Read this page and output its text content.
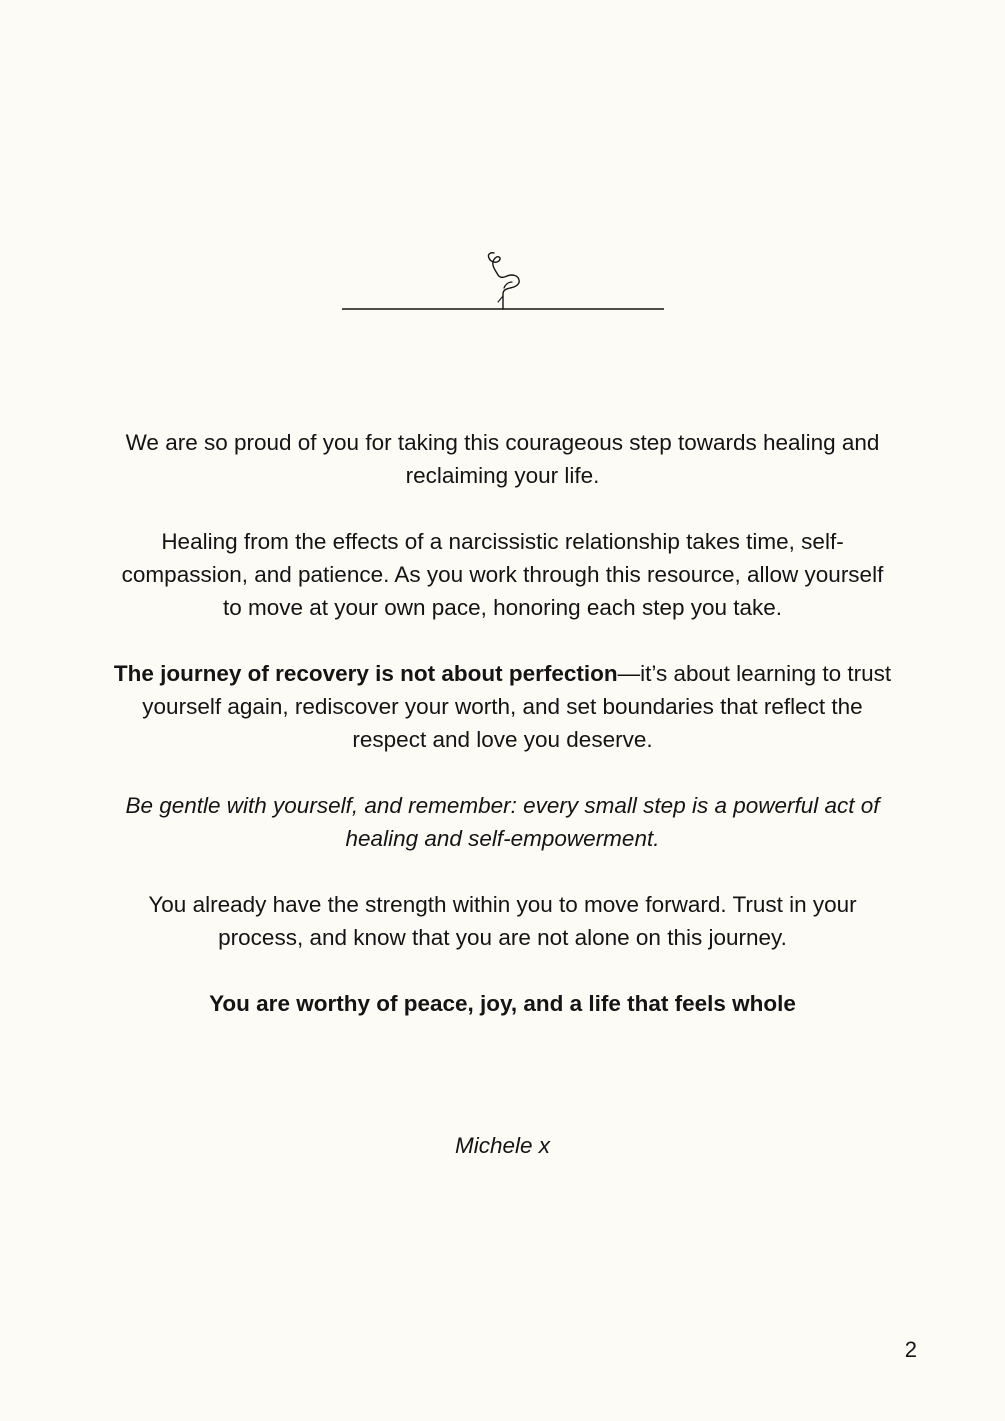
We are so proud of you for taking this courageous step towards healing and reclaiming your life.

Healing from the effects of a narcissistic relationship takes time, self-compassion, and patience. As you work through this resource, allow yourself to move at your own pace, honoring each step you take.

The journey of recovery is not about perfection—it’s about learning to trust yourself again, rediscover your worth, and set boundaries that reflect the respect and love you deserve.

Be gentle with yourself, and remember: every small step is a powerful act of healing and self-empowerment.

You already have the strength within you to move forward. Trust in your process, and know that you are not alone on this journey.

You are worthy of peace, joy, and a life that feels whole

Michele x
2
